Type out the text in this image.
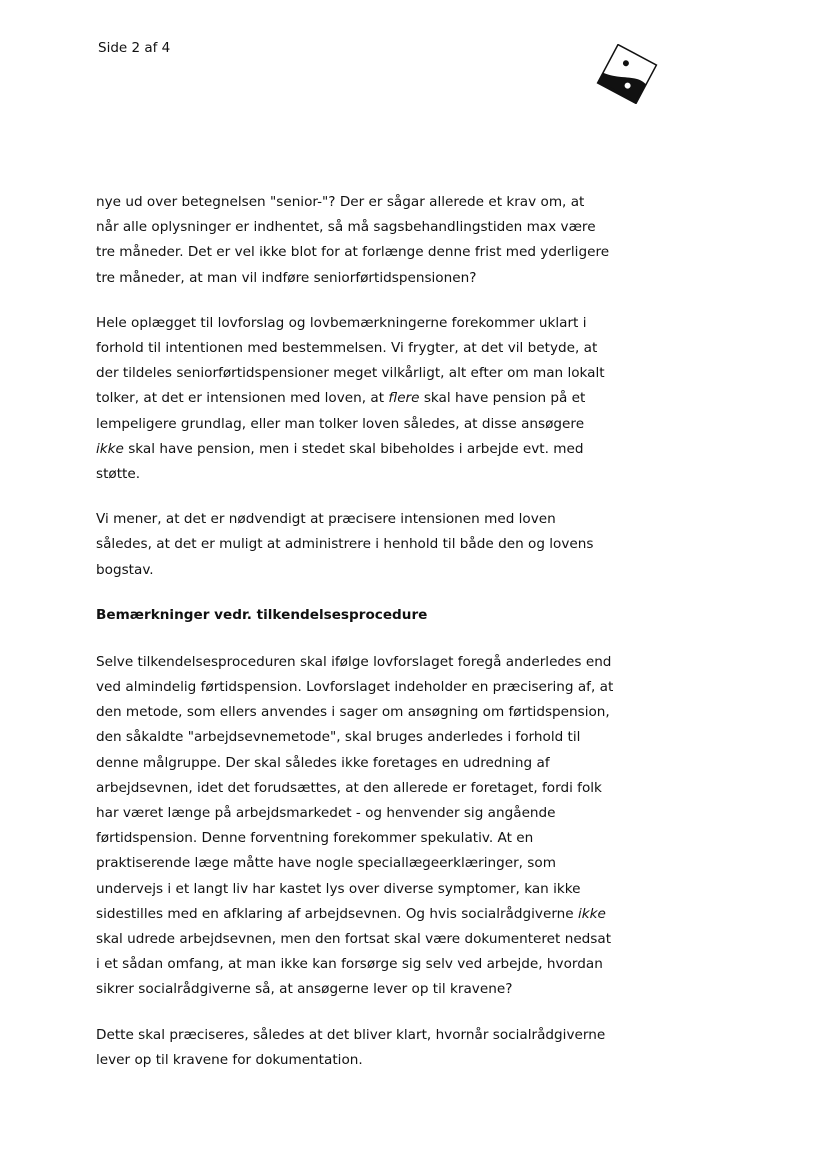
Side 2 af 4

nye ud over betegnelsen "senior-"? Der er sågar allerede et krav om, at
når alle oplysninger er indhentet, så må sagsbehandlingstiden max være
tre måneder. Det er vel ikke blot for at forlænge denne frist med yderligere
tre måneder, at man vil indføre seniorførtidspensionen?

Hele oplægget til lovforslag og lovbemærkningerne forekommer uklart i
forhold til intentionen med bestemmelsen. Vi frygter, at det vil betyde, at
der tildeles seniorførtidspensioner meget vilkårligt, alt efter om man lokalt
tolker, at det er intensionen med loven, at flere skal have pension på et
lempeligere grundlag, eller man tolker loven således, at disse ansøgere
ikke skal have pension, men i stedet skal bibeholdes i arbejde evt. med
støtte.

Vi mener, at det er nødvendigt at præcisere intensionen med loven
således, at det er muligt at administrere i henhold til både den og lovens
bogstav.

Bemærkninger vedr. tilkendelsesprocedure

Selve tilkendelsesproceduren skal ifølge lovforslaget foregå anderledes end
ved almindelig førtidspension. Lovforslaget indeholder en præcisering af, at
den metode, som ellers anvendes i sager om ansøgning om førtidspension,
den såkaldte "arbejdsevnemetode", skal bruges anderledes i forhold til
denne målgruppe. Der skal således ikke foretages en udredning af
arbejdsevnen, idet det forudsættes, at den allerede er foretaget, fordi folk
har været længe på arbejdsmarkedet - og henvender sig angående
førtidspension. Denne forventning forekommer spekulativ. At en
praktiserende læge måtte have nogle speciallægeerklæringer, som
undervejs i et langt liv har kastet lys over diverse symptomer, kan ikke
sidestilles med en afklaring af arbejdsevnen. Og hvis socialrådgiverne ikke
skal udrede arbejdsevnen, men den fortsat skal være dokumenteret nedsat
i et sådan omfang, at man ikke kan forsørge sig selv ved arbejde, hvordan
sikrer socialrådgiverne så, at ansøgerne lever op til kravene?

Dette skal præciseres, således at det bliver klart, hvornår socialrådgiverne
lever op til kravene for dokumentation.
